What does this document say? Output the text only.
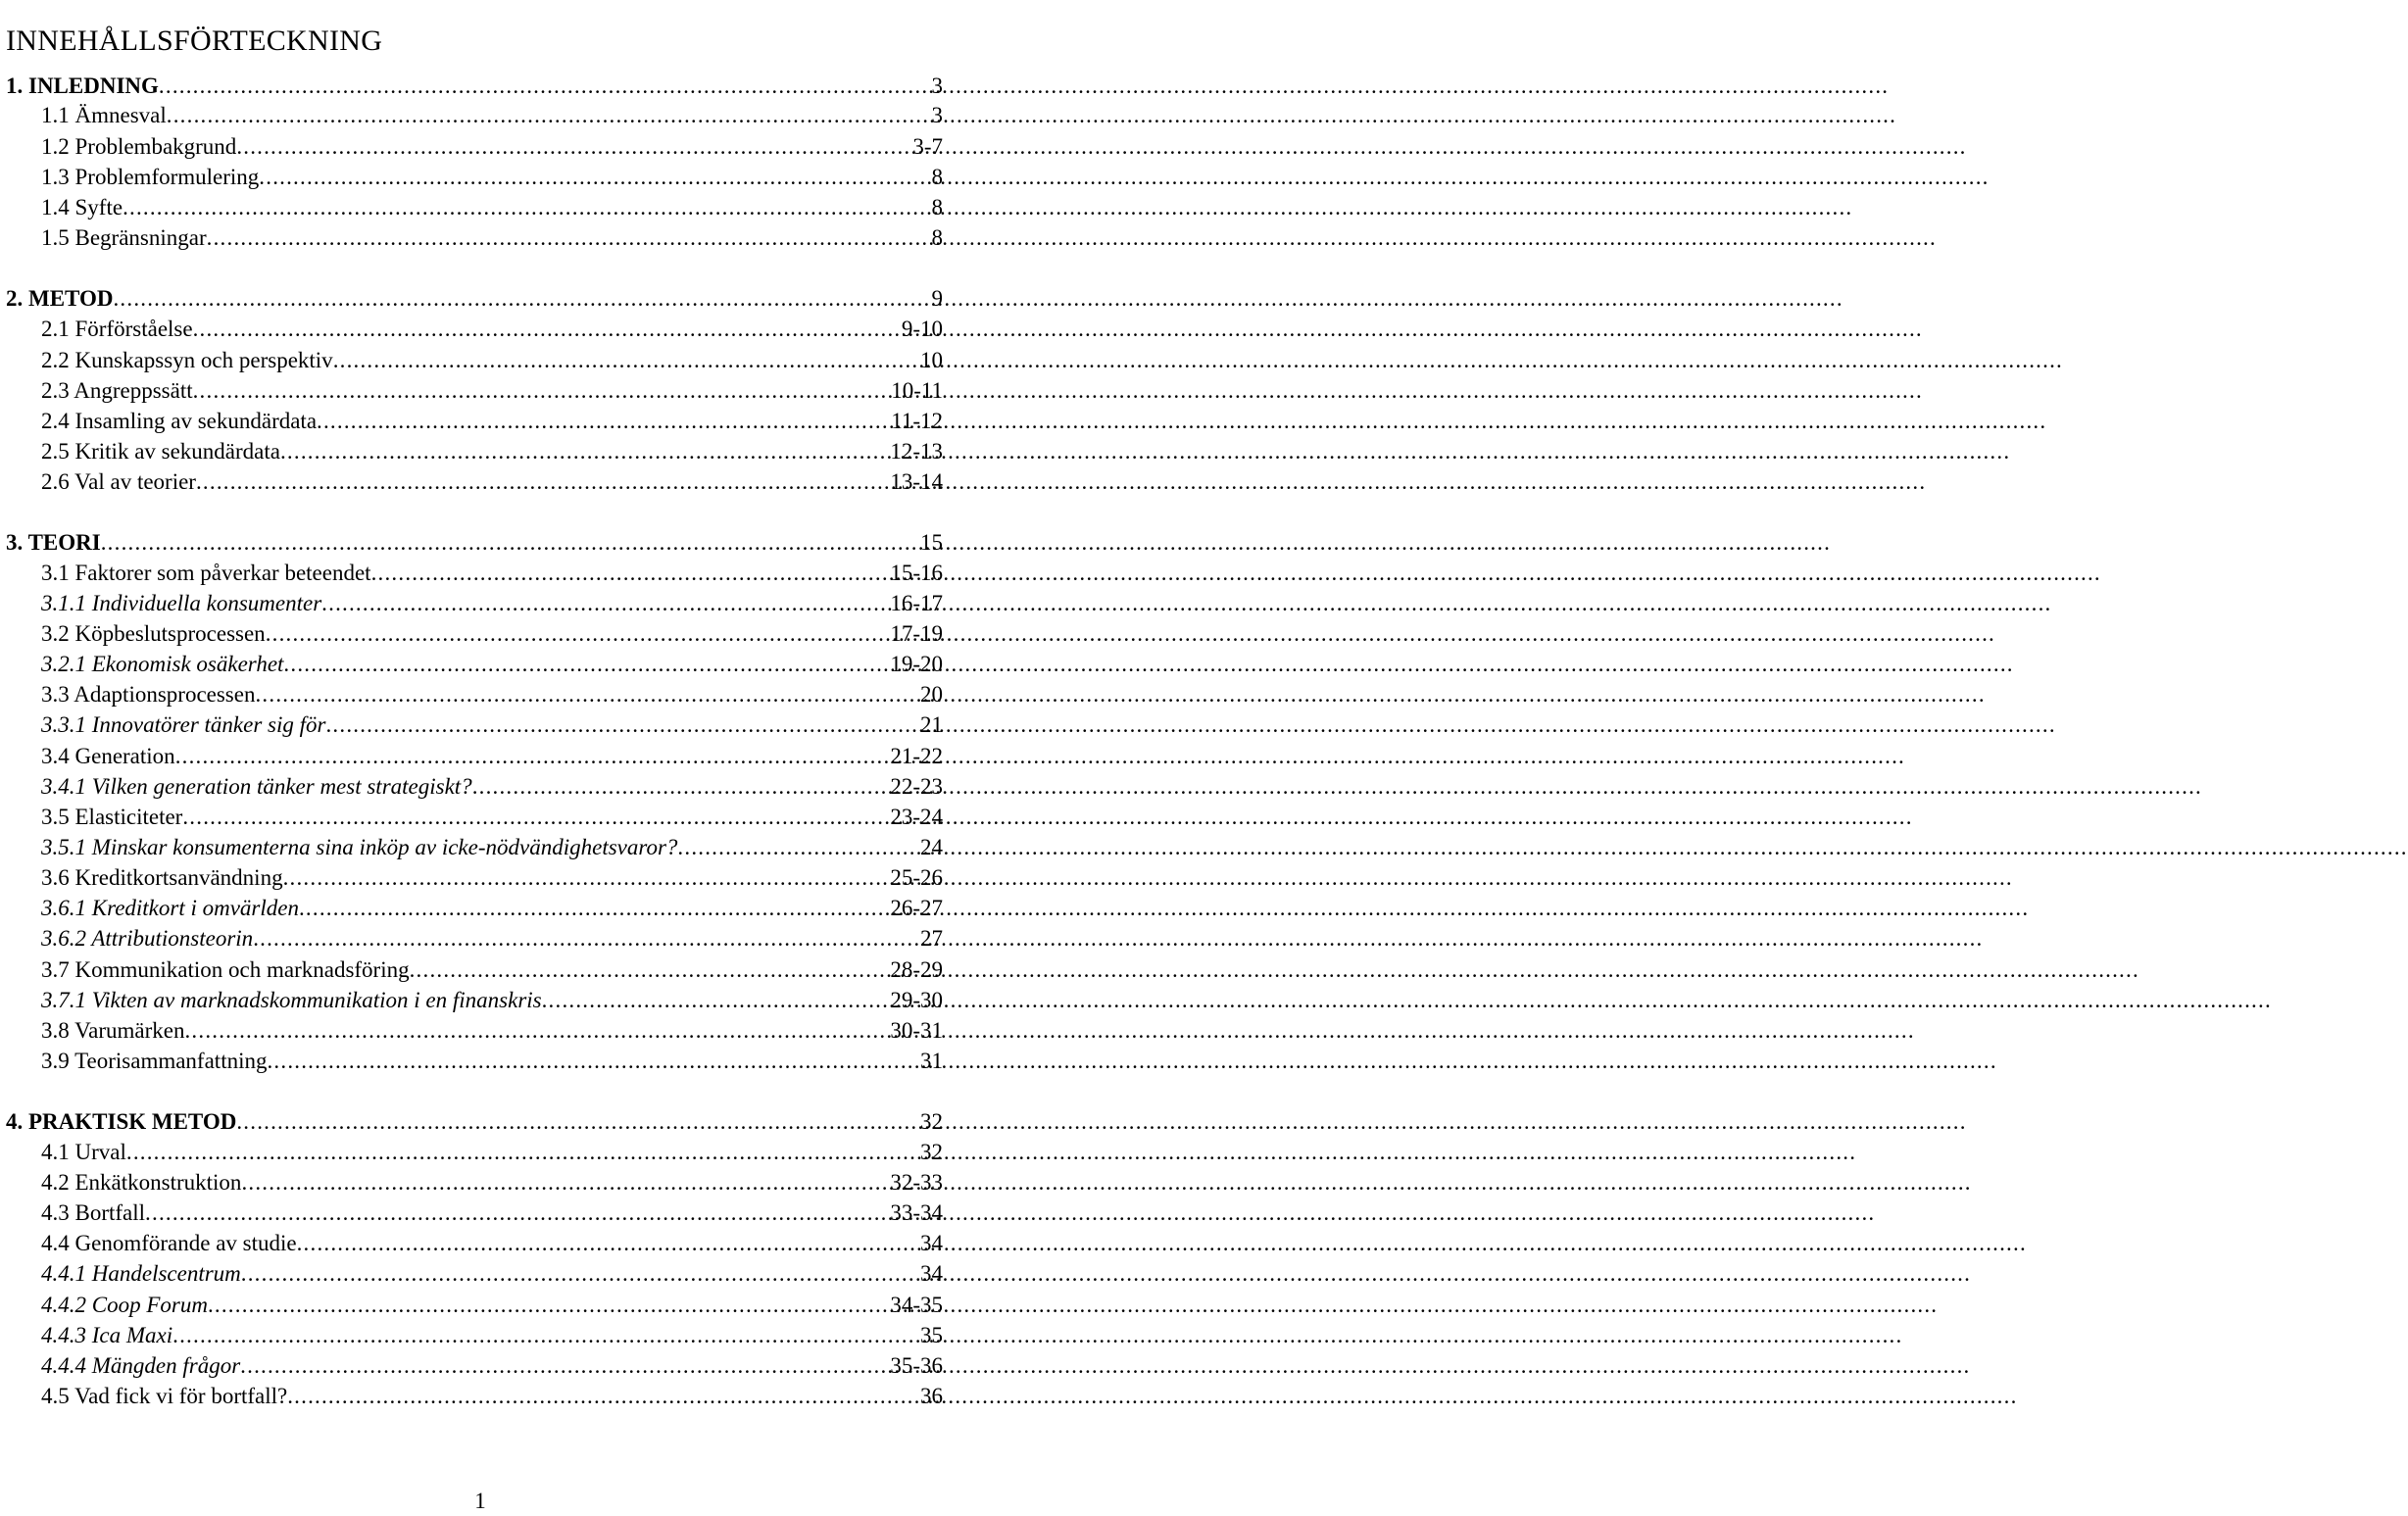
INNEHÅLLSFÖRTECKNING
1. INLEDNING .....	3
1.1 Ämnesval .....	3
1.2 Problembakgrund .....	3-7
1.3 Problemformulering .....	8
1.4 Syfte .....	8
1.5 Begränsningar .....	8
2. METOD .....	9
2.1 Förförståelse .....	9-10
2.2 Kunskapssyn och perspektiv .....	10
2.3 Angreppssätt .....	10-11
2.4 Insamling av sekundärdata .....	11-12
2.5 Kritik av sekundärdata .....	12-13
2.6 Val av teorier .....	13-14
3. TEORI .....	15
3.1 Faktorer som påverkar beteendet .....	15-16
3.1.1 Individuella konsumenter .....	16-17
3.2 Köpbeslutsprocessen .....	17-19
3.2.1 Ekonomisk osäkerhet .....	19-20
3.3 Adaptionsprocessen .....	20
3.3.1 Innovatörer tänker sig för .....	21
3.4 Generation .....	21-22
3.4.1 Vilken generation tänker mest strategiskt? .....	22-23
3.5 Elasticiteter .....	23-24
3.5.1 Minskar konsumenterna sina inköp av icke-nödvändighetsvaror? .....	24
3.6 Kreditkortsanvändning .....	25-26
3.6.1 Kreditkort i omvärlden .....	26-27
3.6.2 Attributionsteorin .....	27
3.7 Kommunikation och marknadsföring .....	28-29
3.7.1 Vikten av marknadskommunikation i en finanskris .....	29-30
3.8 Varumärken .....	30-31
3.9 Teorisammanfattning .....	31
4. PRAKTISK METOD .....	32
4.1 Urval .....	32
4.2 Enkätkonstruktion .....	32-33
4.3 Bortfall .....	33-34
4.4 Genomförande av studie .....	34
4.4.1 Handelscentrum .....	34
4.4.2 Coop Forum .....	34-35
4.4.3 Ica Maxi .....	35
4.4.4 Mängden frågor .....	35-36
4.5 Vad fick vi för bortfall? .....	36
1
